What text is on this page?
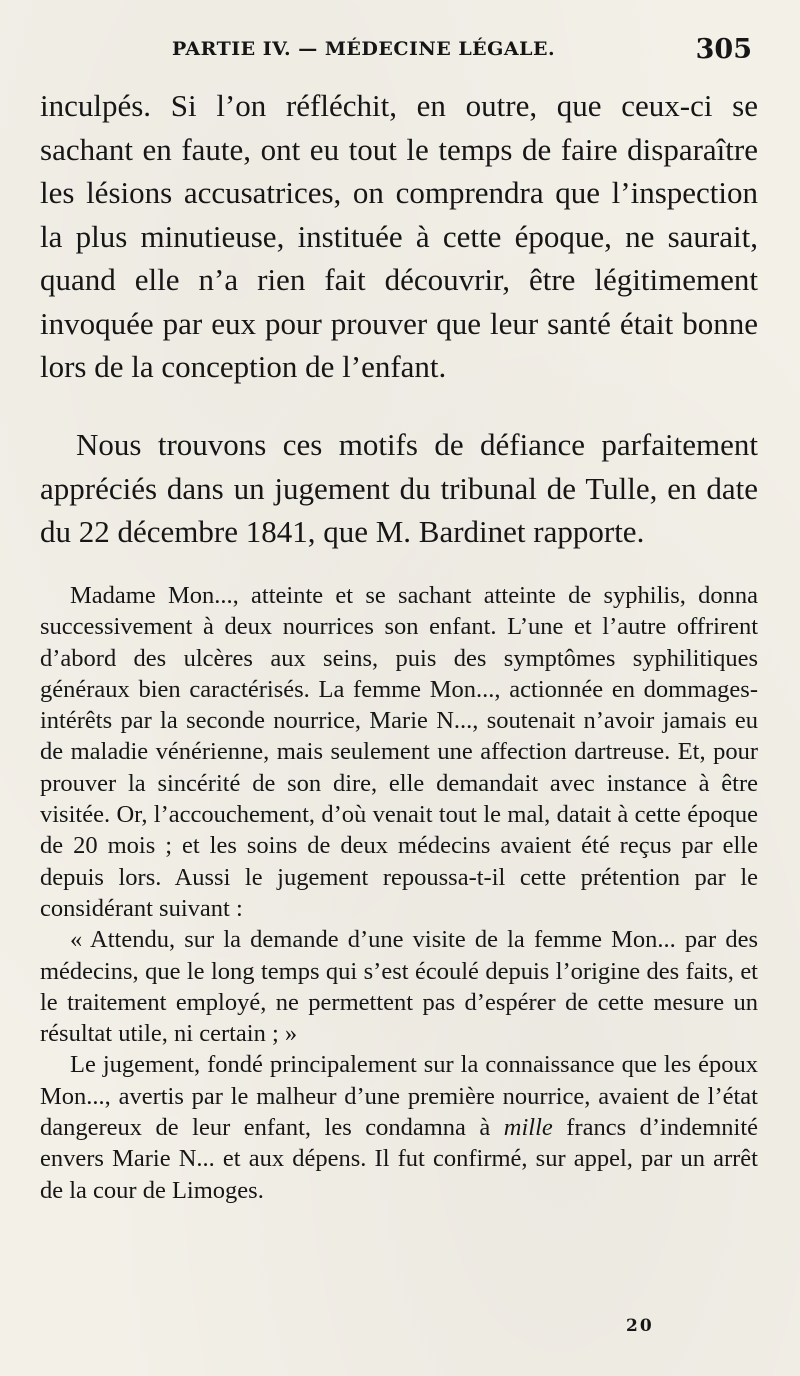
PARTIE IV. — MÉDECINE LÉGALE.	305

inculpés. Si l’on réfléchit, en outre, que ceux-ci se sachant en faute, ont eu tout le temps de faire disparaître les lésions accusatrices, on comprendra que l’inspection la plus minutieuse, instituée à cette époque, ne saurait, quand elle n’a rien fait découvrir, être légitimement invoquée par eux pour prouver que leur santé était bonne lors de la conception de l’enfant.

Nous trouvons ces motifs de défiance parfaitement appréciés dans un jugement du tribunal de Tulle, en date du 22 décembre 1841, que M. Bardinet rapporte.

Madame Mon..., atteinte et se sachant atteinte de syphilis, donna successivement à deux nourrices son enfant. L’une et l’autre offrirent d’abord des ulcères aux seins, puis des symptômes syphilitiques généraux bien caractérisés. La femme Mon..., actionnée en dommages-intérêts par la seconde nourrice, Marie N..., soutenait n’avoir jamais eu de maladie vénérienne, mais seulement une affection dartreuse. Et, pour prouver la sincérité de son dire, elle demandait avec instance à être visitée. Or, l’accouchement, d’où venait tout le mal, datait à cette époque de 20 mois ; et les soins de deux médecins avaient été reçus par elle depuis lors. Aussi le jugement repoussa-t-il cette prétention par le considérant suivant :

« Attendu, sur la demande d’une visite de la femme Mon... par des médecins, que le long temps qui s’est écoulé depuis l’origine des faits, et le traitement employé, ne permettent pas d’espérer de cette mesure un résultat utile, ni certain ; »

Le jugement, fondé principalement sur la connaissance que les époux Mon..., avertis par le malheur d’une première nourrice, avaient de l’état dangereux de leur enfant, les condamna à mille francs d’indemnité envers Marie N... et aux dépens. Il fut confirmé, sur appel, par un arrêt de la cour de Limoges.

20
